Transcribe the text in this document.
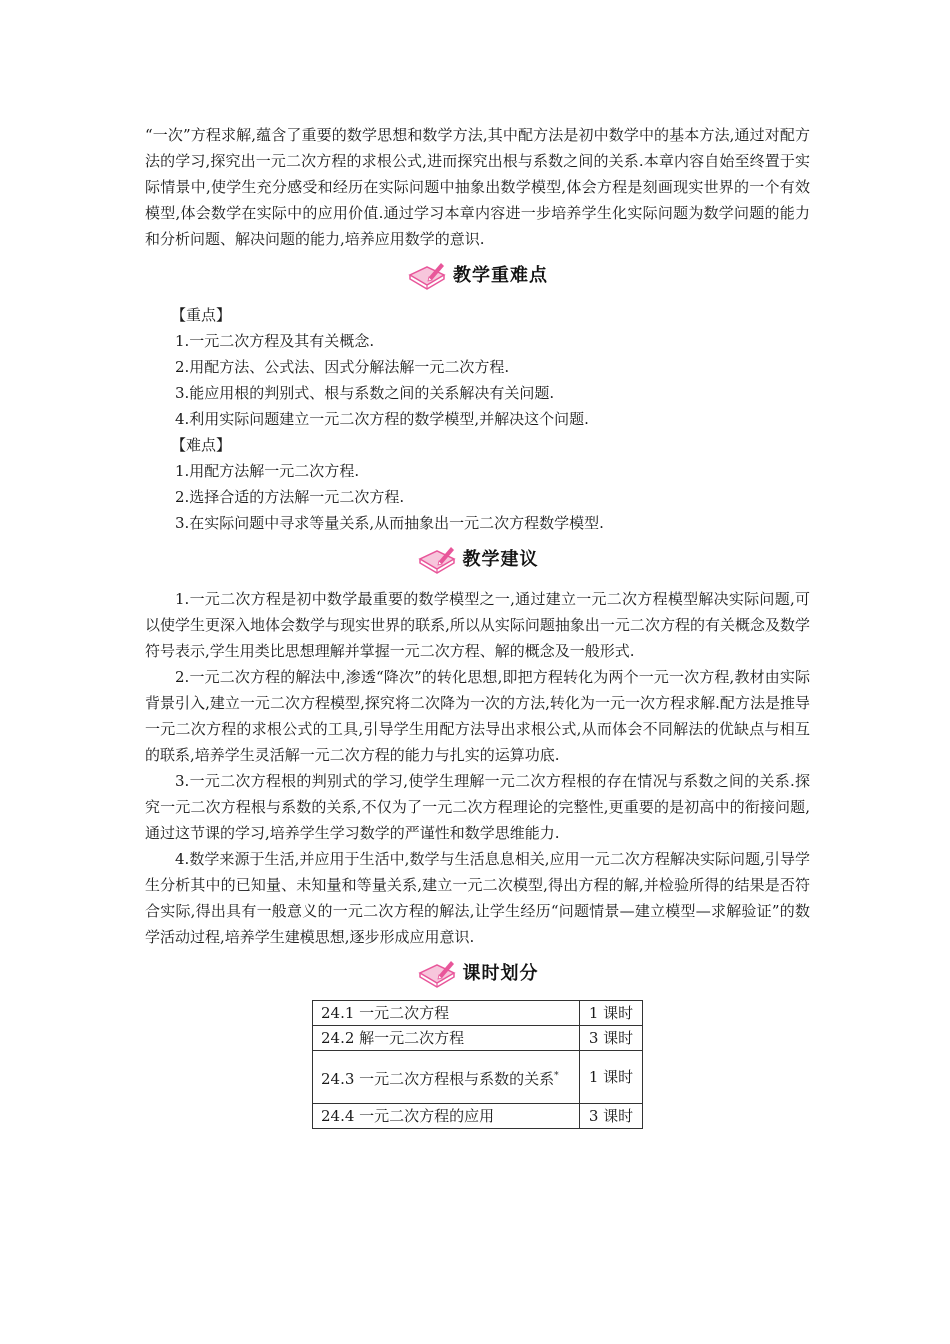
“一次”方程求解,蕴含了重要的数学思想和数学方法,其中配方法是初中数学中的基本方法,通过对配方法的学习,探究出一元二次方程的求根公式,进而探究出根与系数之间的关系.本章内容自始至终置于实际情景中,使学生充分感受和经历在实际问题中抽象出数学模型,体会方程是刻画现实世界的一个有效模型,体会数学在实际中的应用价值.通过学习本章内容进一步培养学生化实际问题为数学问题的能力和分析问题、解决问题的能力,培养应用数学的意识.

教学重难点
【重点】
1.一元二次方程及其有关概念.
2.用配方法、公式法、因式分解法解一元二次方程.
3.能应用根的判别式、根与系数之间的关系解决有关问题.
4.利用实际问题建立一元二次方程的数学模型,并解决这个问题.
【难点】
1.用配方法解一元二次方程.
2.选择合适的方法解一元二次方程.
3.在实际问题中寻求等量关系,从而抽象出一元二次方程数学模型.
教学建议

1.一元二次方程是初中数学最重要的数学模型之一,通过建立一元二次方程模型解决实际问题,可以使学生更深入地体会数学与现实世界的联系,所以从实际问题抽象出一元二次方程的有关概念及数学符号表示,学生用类比思想理解并掌握一元二次方程、解的概念及一般形式.

2.一元二次方程的解法中,渗透“降次”的转化思想,即把方程转化为两个一元一次方程,教材由实际背景引入,建立一元二次方程模型,探究将二次降为一次的方法,转化为一元一次方程求解.配方法是推导一元二次方程的求根公式的工具,引导学生用配方法导出求根公式,从而体会不同解法的优缺点与相互的联系,培养学生灵活解一元二次方程的能力与扎实的运算功底.

3.一元二次方程根的判别式的学习,使学生理解一元二次方程根的存在情况与系数之间的关系.探究一元二次方程根与系数的关系,不仅为了一元二次方程理论的完整性,更重要的是初高中的衔接问题,通过这节课的学习,培养学生学习数学的严谨性和数学思维能力.

4.数学来源于生活,并应用于生活中,数学与生活息息相关,应用一元二次方程解决实际问题,引导学生分析其中的已知量、未知量和等量关系,建立一元二次模型,得出方程的解,并检验所得的结果是否符合实际,得出具有一般意义的一元二次方程的解法,让学生经历“问题情景—建立模型—求解验证”的数学活动过程,培养学生建模思想,逐步形成应用意识.

课时划分
24.1 一元二次方程	1 课时
24.2 解一元二次方程	3 课时
24.3 一元二次方程根与系数的关系*	1 课时
24.4 一元二次方程的应用	3 课时
